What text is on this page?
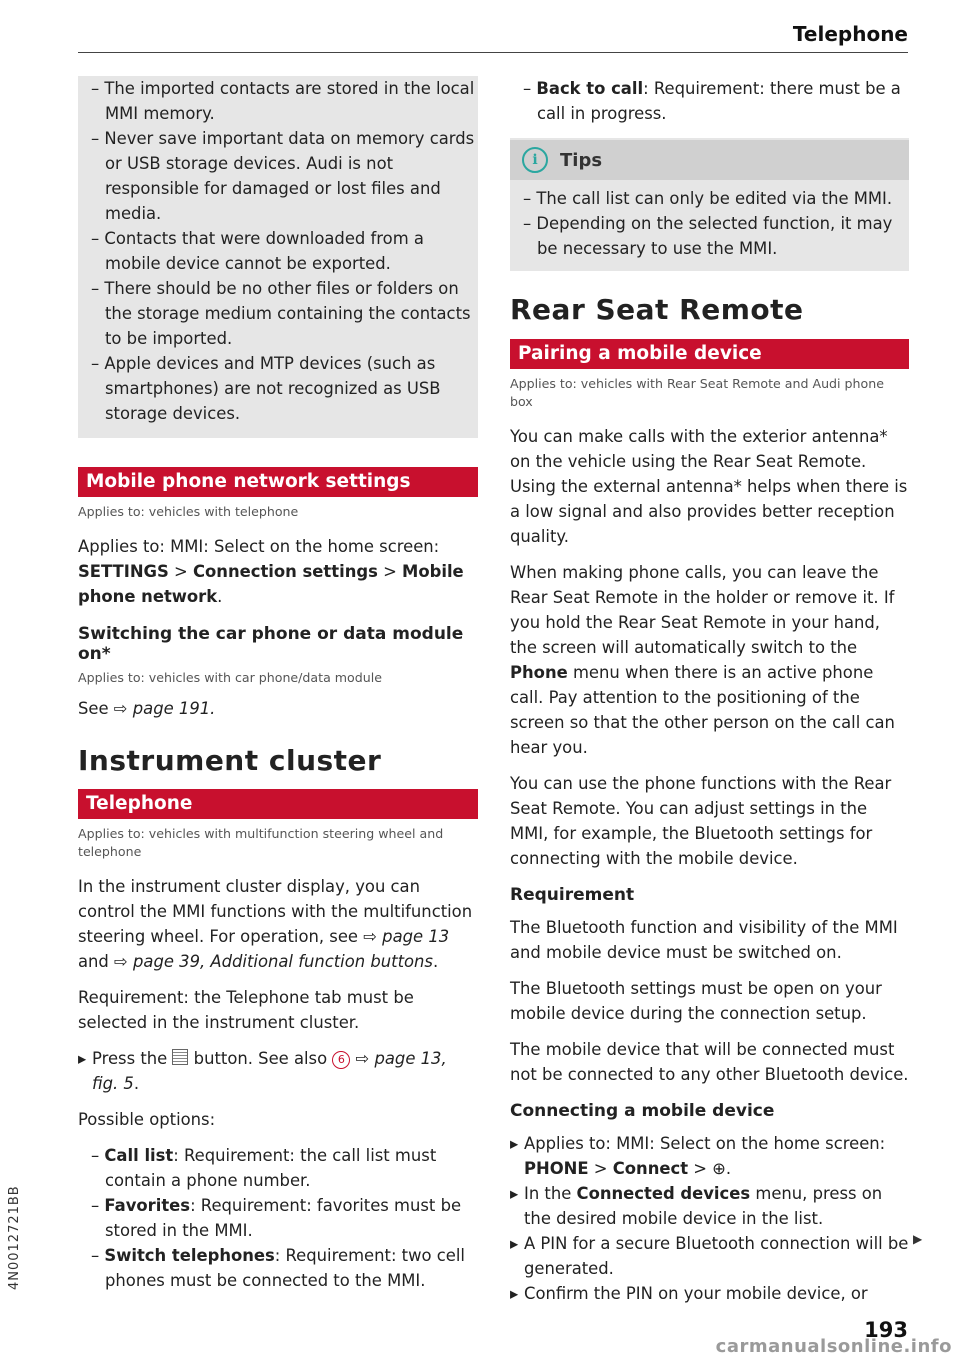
Telephone
– The imported contacts are stored in the local MMI memory.
– Never save important data on memory cards or USB storage devices. Audi is not responsible for damaged or lost files and media.
– Contacts that were downloaded from a mobile device cannot be exported.
– There should be no other files or folders on the storage medium containing the contacts to be imported.
– Apple devices and MTP devices (such as smartphones) are not recognized as USB storage devices.
Mobile phone network settings
Applies to: vehicles with telephone

Applies to: MMI: Select on the home screen: SETTINGS > Connection settings > Mobile phone network.

Switching the car phone or data module on*
Applies to: vehicles with car phone/data module

See ⇨ page 191.

Instrument cluster
Telephone
Applies to: vehicles with multifunction steering wheel and telephone

In the instrument cluster display, you can control the MMI functions with the multifunction steering wheel. For operation, see ⇨ page 13 and ⇨ page 39, Additional function buttons.

Requirement: the Telephone tab must be selected in the instrument cluster.

▸ Press the  button. See also 6 ⇨ page 13, fig. 5.

Possible options:

– Call list: Requirement: the call list must contain a phone number.
– Favorites: Requirement: favorites must be stored in the MMI.
– Switch telephones: Requirement: two cell phones must be connected to the MMI.
– Back to call: Requirement: there must be a call in progress.
i	Tips
– The call list can only be edited via the MMI.
– Depending on the selected function, it may be necessary to use the MMI.
Rear Seat Remote
Pairing a mobile device
Applies to: vehicles with Rear Seat Remote and Audi phone box

You can make calls with the exterior antenna* on the vehicle using the Rear Seat Remote. Using the external antenna* helps when there is a low signal and also provides better reception quality.

When making phone calls, you can leave the Rear Seat Remote in the holder or remove it. If you hold the Rear Seat Remote in your hand, the screen will automatically switch to the Phone menu when there is an active phone call. Pay attention to the positioning of the screen so that the other person on the call can hear you.

You can use the phone functions with the Rear Seat Remote. You can adjust settings in the MMI, for example, the Bluetooth settings for connecting with the mobile device.

Requirement

The Bluetooth function and visibility of the MMI and mobile device must be switched on.

The Bluetooth settings must be open on your mobile device during the connection setup.

The mobile device that will be connected must not be connected to any other Bluetooth device.

Connecting a mobile device
▸ Applies to: MMI: Select on the home screen: PHONE > Connect > ⊕.
▸ In the Connected devices menu, press on the desired mobile device in the list.
▸ A PIN for a secure Bluetooth connection will be generated.
▸ Confirm the PIN on your mobile device, or
▶
4N0012721BB
193
carmanualsonline.info
